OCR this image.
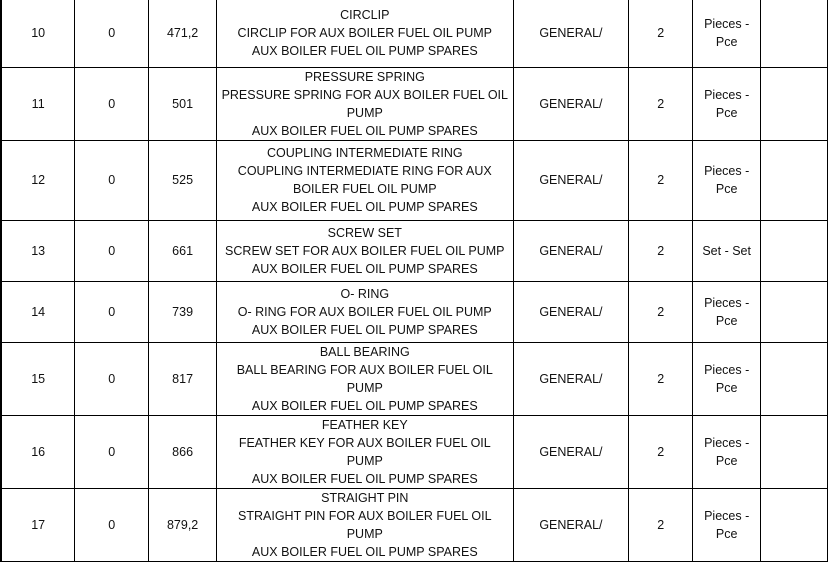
10	0	471,2	CIRCLIP
CIRCLIP FOR AUX BOILER FUEL OIL PUMP
AUX BOILER FUEL OIL PUMP SPARES	GENERAL/	2	Pieces -
Pce	

11	0	501	PRESSURE SPRING
PRESSURE SPRING FOR AUX BOILER FUEL OIL PUMP
AUX BOILER FUEL OIL PUMP SPARES	GENERAL/	2	Pieces -
Pce	

12	0	525	COUPLING INTERMEDIATE RING
COUPLING INTERMEDIATE RING FOR AUX BOILER FUEL OIL PUMP
AUX BOILER FUEL OIL PUMP SPARES	GENERAL/	2	Pieces -
Pce	

13	0	661	SCREW SET
SCREW SET FOR AUX BOILER FUEL OIL PUMP
AUX BOILER FUEL OIL PUMP SPARES	GENERAL/	2	Set - Set	

14	0	739	O- RING
O- RING FOR AUX BOILER FUEL OIL PUMP
AUX BOILER FUEL OIL PUMP SPARES	GENERAL/	2	Pieces -
Pce	

15	0	817	BALL BEARING
BALL BEARING FOR AUX BOILER FUEL OIL PUMP
AUX BOILER FUEL OIL PUMP SPARES	GENERAL/	2	Pieces -
Pce	

16	0	866	FEATHER KEY
FEATHER KEY FOR AUX BOILER FUEL OIL PUMP
AUX BOILER FUEL OIL PUMP SPARES	GENERAL/	2	Pieces -
Pce	

17	0	879,2	STRAIGHT PIN
STRAIGHT PIN FOR AUX BOILER FUEL OIL PUMP
AUX BOILER FUEL OIL PUMP SPARES	GENERAL/	2	Pieces -
Pce	
